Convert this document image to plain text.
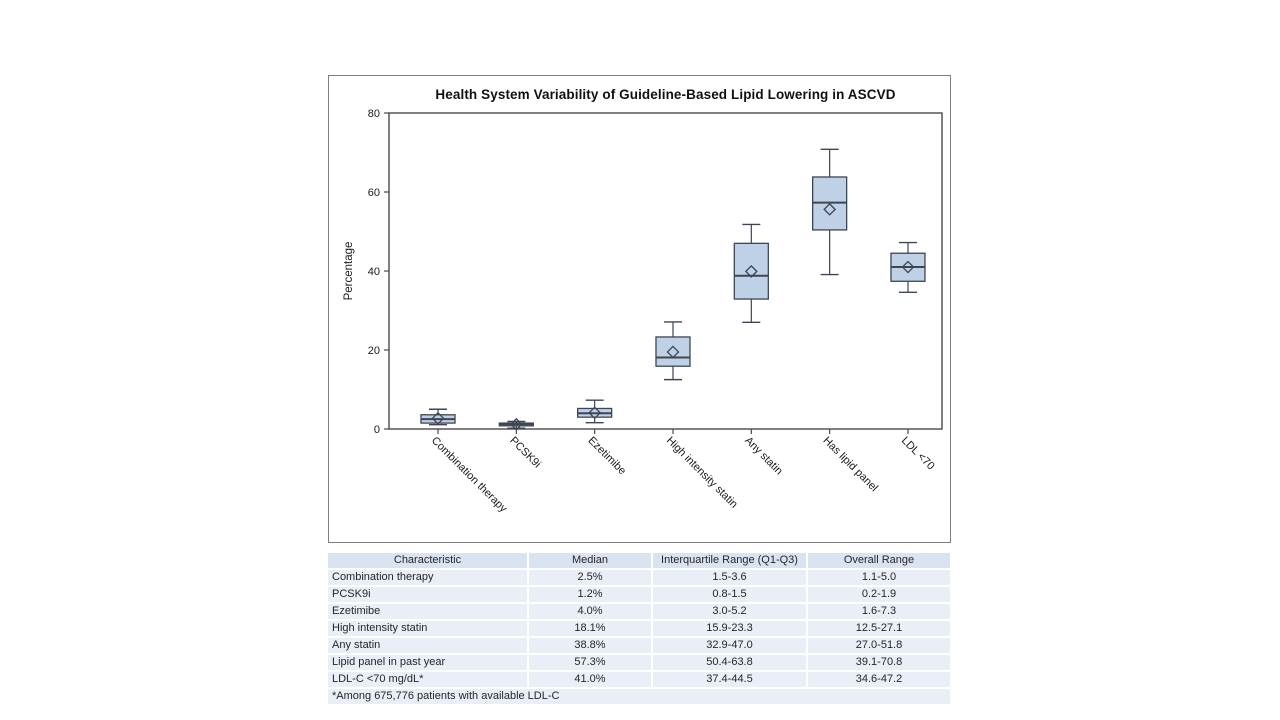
Health System Variability of Guideline-Based Lipid Lowering in ASCVD
0
20
40
60
80
Percentage
Combination therapy
PCSK9i	Ezetimibe	High intensity statin Any statin	Has lipid panel LDL <70
Characteristic	Median	Interquartile Range (Q1-Q3)	Overall Range
Combination therapy	2.5%	1.5-3.6	1.1-5.0
PCSK9i	1.2%	0.8-1.5	0.2-1.9
Ezetimibe	4.0%	3.0-5.2	1.6-7.3
High intensity statin	18.1%	15.9-23.3	12.5-27.1
Any statin	38.8%	32.9-47.0	27.0-51.8
Lipid panel in past year	57.3%	50.4-63.8	39.1-70.8
LDL-C <70 mg/dL*	41.0%	37.4-44.5	34.6-47.2
*Among 675,776 patients with available LDL-C			
